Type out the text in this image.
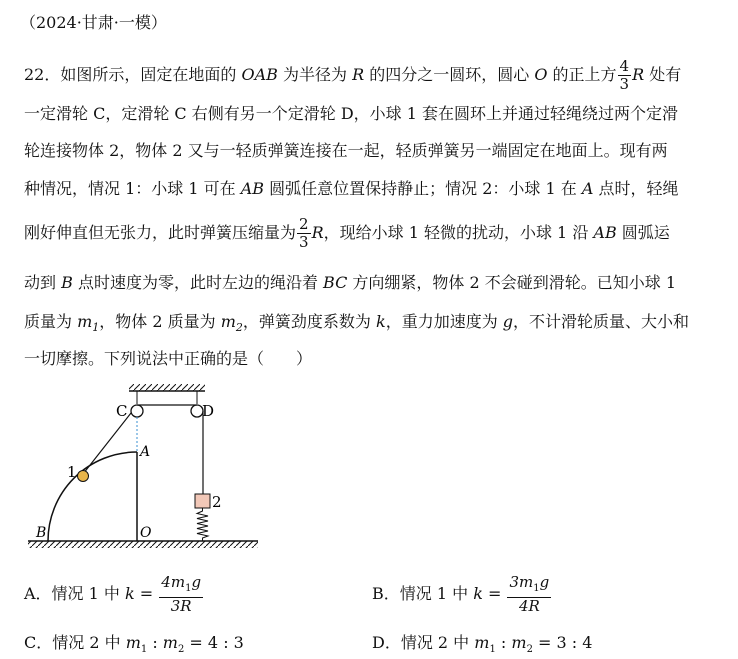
（2024·甘肃·一模）
22．如图所示，固定在地面的 OAB 为半径为 R 的四分之一圆环，圆心 O 的正上方 $\frac{4}{3}$ R 处有
一定滑轮 C，定滑轮 C 右侧有另一个定滑轮 D，小球 1 套在圆环上并通过轻绳绕过两个定滑
轮连接物体 2，物体 2 又与一轻质弹簧连接在一起，轻质弹簧另一端固定在地面上。现有两
种情况，情况 1：小球 1 可在 AB 圆弧任意位置保持静止；情况 2：小球 1 在 A 点时，轻绳
刚好伸直但无张力，此时弹簧压缩量为 $\frac{2}{3}$ R，现给小球 1 轻微的扰动，小球 1 沿 AB 圆弧运
动到 B 点时速度为零，此时左边的绳沿着 BC 方向绷紧，物体 2 不会碰到滑轮。已知小球 1
质量为 $m_1$，物体 2 质量为 $m_2$，弹簧劲度系数为 k，重力加速度为 g，不计滑轮质量、大小和
一切摩擦。下列说法中正确的是（　　）
C	D
A
1
2
B	O
A．情况 1 中 $k = \frac{4m_1g}{3R}$	B．情况 1 中 $k = \frac{3m_1g}{4R}$
C．情况 2 中 $m_1$ : $m_2 = 4$ : 3	D．情况 2 中 $m_1$ : $m_2 = 3$ : 4
